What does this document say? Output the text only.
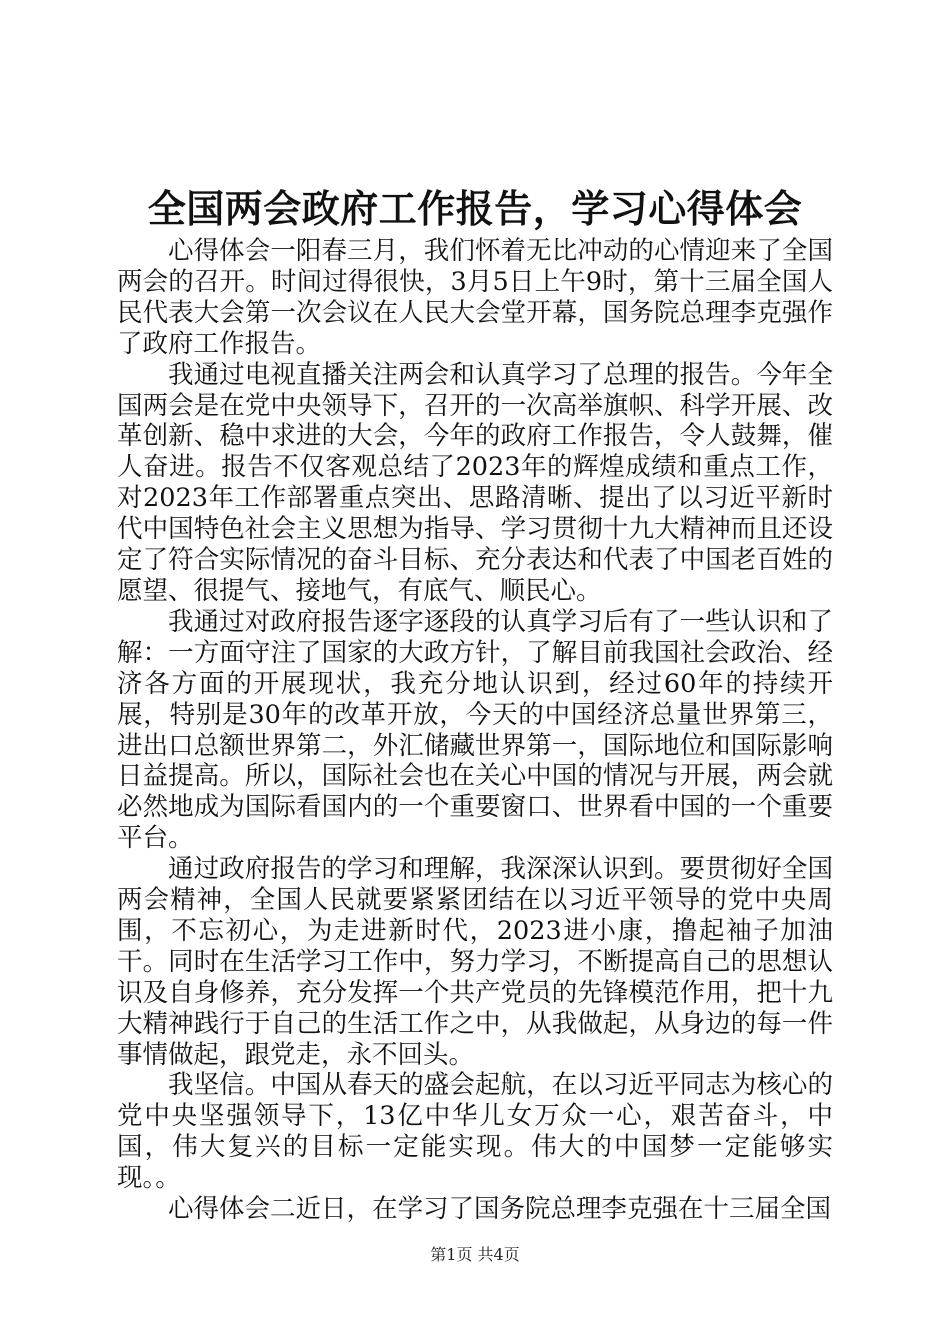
全国两会政府工作报告，学习心得体会

心得体会一阳春三月，我们怀着无比冲动的心情迎来了全国两会的召开。时间过得很快，3月5日上午9时，第十三届全国人民代表大会第一次会议在人民大会堂开幕，国务院总理李克强作了政府工作报告。

我通过电视直播关注两会和认真学习了总理的报告。今年全国两会是在党中央领导下，召开的一次高举旗帜、科学开展、改革创新、稳中求进的大会，今年的政府工作报告，令人鼓舞，催人奋进。报告不仅客观总结了2023年的辉煌成绩和重点工作，对2023年工作部署重点突出、思路清晰、提出了以习近平新时代中国特色社会主义思想为指导、学习贯彻十九大精神而且还设定了符合实际情况的奋斗目标、充分表达和代表了中国老百姓的愿望、很提气、接地气，有底气、顺民心。

我通过对政府报告逐字逐段的认真学习后有了一些认识和了解：一方面守注了国家的大政方针，了解目前我国社会政治、经济各方面的开展现状，我充分地认识到，经过60年的持续开展，特别是30年的改革开放，今天的中国经济总量世界第三，进出口总额世界第二，外汇储藏世界第一，国际地位和国际影响日益提高。所以，国际社会也在关心中国的情况与开展，两会就必然地成为国际看国内的一个重要窗口、世界看中国的一个重要平台。

通过政府报告的学习和理解，我深深认识到。要贯彻好全国两会精神，全国人民就要紧紧团结在以习近平领导的党中央周围，不忘初心，为走进新时代，2023进小康，撸起袖子加油干。同时在生活学习工作中，努力学习，不断提高自己的思想认识及自身修养，充分发挥一个共产党员的先锋模范作用，把十九大精神践行于自己的生活工作之中，从我做起，从身边的每一件事情做起，跟党走，永不回头。

我坚信。中国从春天的盛会起航，在以习近平同志为核心的党中央坚强领导下，13亿中华儿女万众一心，艰苦奋斗，中国，伟大复兴的目标一定能实现。伟大的中国梦一定能够实现。。

心得体会二近日，在学习了国务院总理李克强在十三届全国

第1页 共4页
